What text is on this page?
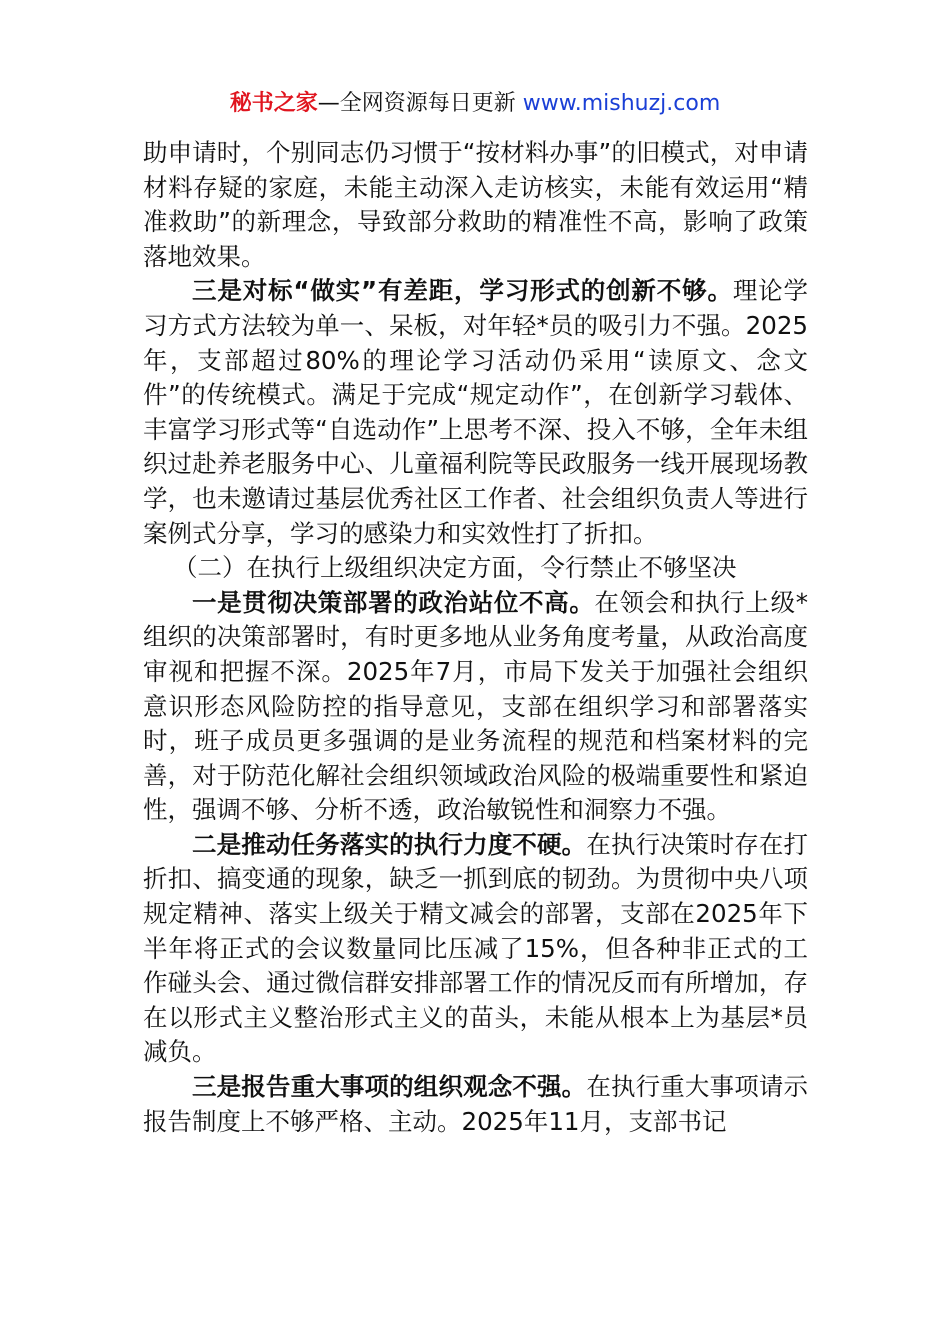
秘书之家—全网资源每日更新 www.mishuzj.com

助申请时，个别同志仍习惯于“按材料办事”的旧模式，对申请材料存疑的家庭，未能主动深入走访核实，未能有效运用“精准救助”的新理念，导致部分救助的精准性不高，影响了政策落地效果。

三是对标“做实”有差距，学习形式的创新不够。理论学习方式方法较为单一、呆板，对年轻*员的吸引力不强。2025年，支部超过80%的理论学习活动仍采用“读原文、念文件”的传统模式。满足于完成“规定动作”，在创新学习载体、丰富学习形式等“自选动作”上思考不深、投入不够，全年未组织过赴养老服务中心、儿童福利院等民政服务一线开展现场教学，也未邀请过基层优秀社区工作者、社会组织负责人等进行案例式分享，学习的感染力和实效性打了折扣。

（二）在执行上级组织决定方面，令行禁止不够坚决

一是贯彻决策部署的政治站位不高。在领会和执行上级*组织的决策部署时，有时更多地从业务角度考量，从政治高度审视和把握不深。2025年7月，市局下发关于加强社会组织意识形态风险防控的指导意见，支部在组织学习和部署落实时，班子成员更多强调的是业务流程的规范和档案材料的完善，对于防范化解社会组织领域政治风险的极端重要性和紧迫性，强调不够、分析不透，政治敏锐性和洞察力不强。

二是推动任务落实的执行力度不硬。在执行决策时存在打折扣、搞变通的现象，缺乏一抓到底的韧劲。为贯彻中央八项规定精神、落实上级关于精文减会的部署，支部在2025年下半年将正式的会议数量同比压减了15%，但各种非正式的工作碰头会、通过微信群安排部署工作的情况反而有所增加，存在以形式主义整治形式主义的苗头，未能从根本上为基层*员减负。

三是报告重大事项的组织观念不强。在执行重大事项请示报告制度上不够严格、主动。2025年11月，支部书记
